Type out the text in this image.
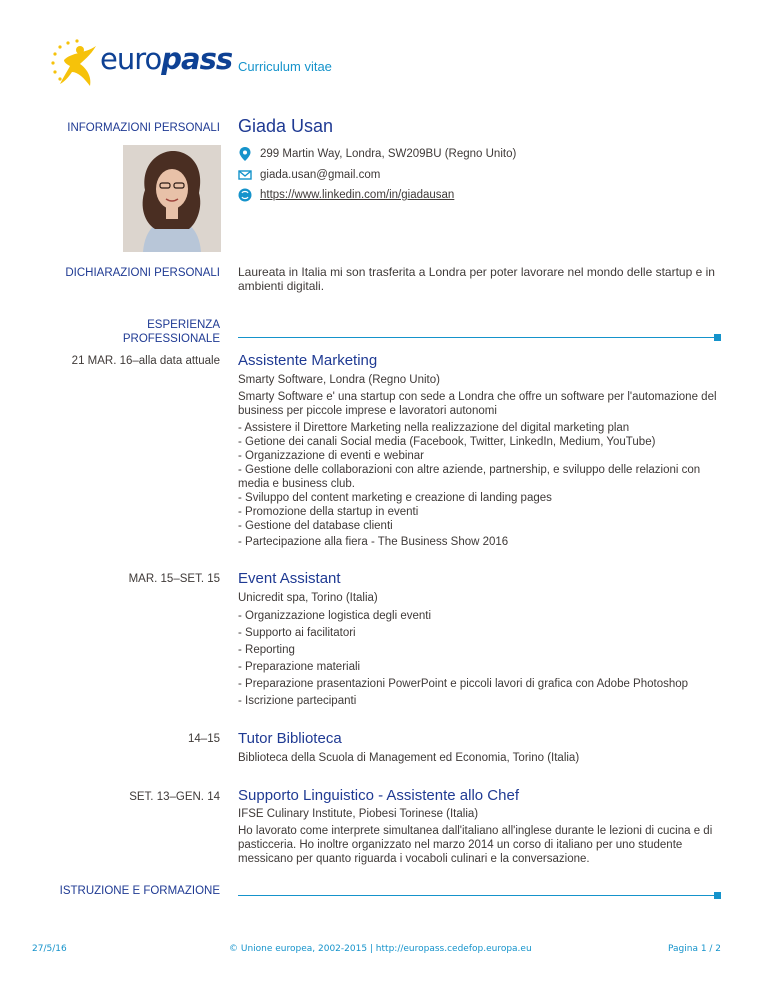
europass Curriculum vitae
INFORMAZIONI PERSONALI Giada Usan
299 Martin Way, Londra, SW209BU (Regno Unito)
giada.usan@gmail.com
https://www.linkedin.com/in/giadausan
DICHIARAZIONI PERSONALI Laureata in Italia mi son trasferita a Londra per poter lavorare nel mondo delle startup e in ambienti digitali.
ESPERIENZA
PROFESSIONALE
21 MAR. 16–alla data attuale Assistente Marketing
Smarty Software, Londra (Regno Unito)
Smarty Software e' una startup con sede a Londra che offre un software per l'automazione del business per piccole imprese e lavoratori autonomi
- Assistere il Direttore Marketing nella realizzazione del digital marketing plan
- Getione dei canali Social media (Facebook, Twitter, LinkedIn, Medium, YouTube)
- Organizzazione di eventi e webinar
- Gestione delle collaborazioni con altre aziende, partnership, e sviluppo delle relazioni con media e business club.
- Sviluppo del content marketing e creazione di landing pages
- Promozione della startup in eventi
- Gestione del database clienti
- Partecipazione alla fiera - The Business Show 2016
MAR. 15–SET. 15 Event Assistant
Unicredit spa, Torino (Italia)
- Organizzazione logistica degli eventi
- Supporto ai facilitatori
- Reporting
- Preparazione materiali
- Preparazione prasentazioni PowerPoint e piccoli lavori di grafica con Adobe Photoshop
- Iscrizione partecipanti
14–15 Tutor Biblioteca
Biblioteca della Scuola di Management ed Economia, Torino (Italia)
SET. 13–GEN. 14 Supporto Linguistico - Assistente allo Chef
IFSE Culinary Institute, Piobesi Torinese (Italia)
Ho lavorato come interprete simultanea dall'italiano all'inglese durante le lezioni di cucina e di pasticceria. Ho inoltre organizzato nel marzo 2014 un corso di italiano per uno studente messicano per quanto riguarda i vocaboli culinari e la conversazione.
ISTRUZIONE E FORMAZIONE
27/5/16	© Unione europea, 2002-2015 | http://europass.cedefop.europa.eu	Pagina 1 / 2
